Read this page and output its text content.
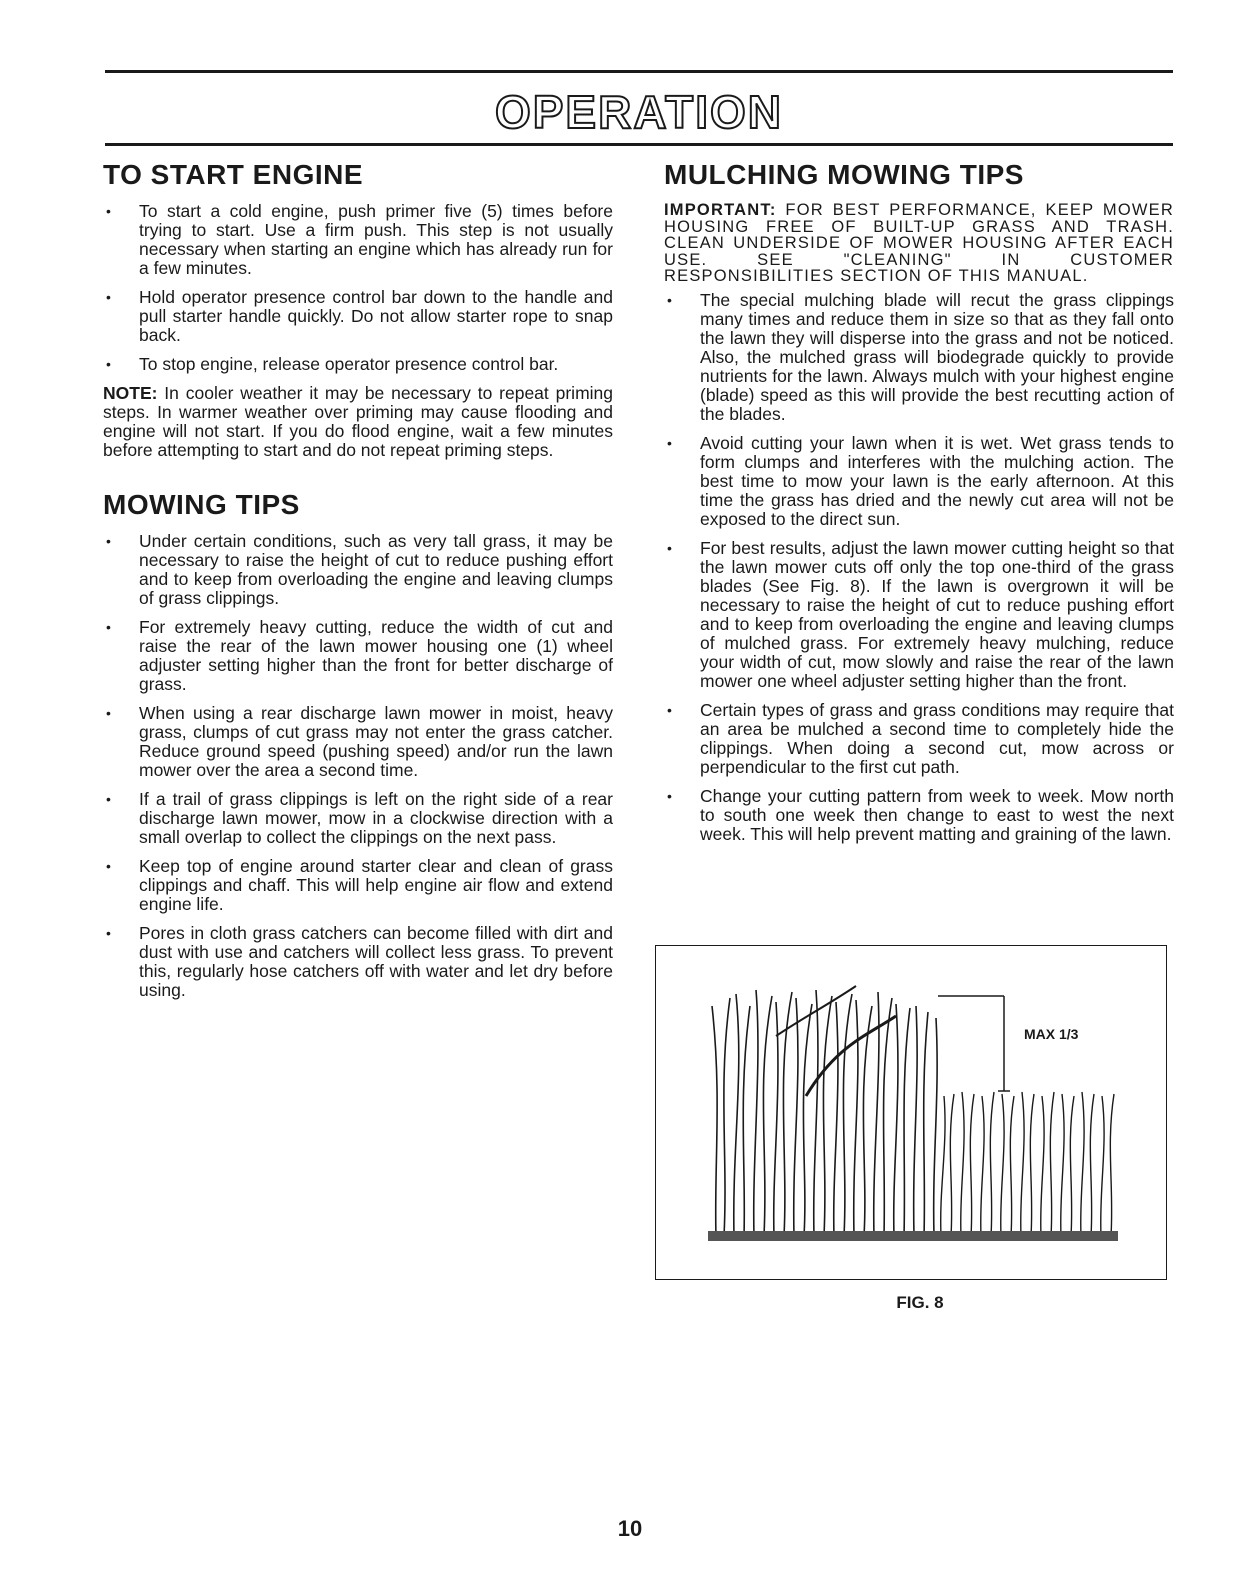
OPERATION
TO START ENGINE
• To start a cold engine, push primer five (5) times before trying to start. Use a firm push. This step is not usually necessary when starting an engine which has already run for a few minutes.
• Hold operator presence control bar down to the handle and pull starter handle quickly. Do not allow starter rope to snap back.
• To stop engine, release operator presence control bar.

NOTE: In cooler weather it may be necessary to repeat priming steps. In warmer weather over priming may cause flooding and engine will not start. If you do flood engine, wait a few minutes before attempting to start and do not repeat priming steps.

MOWING TIPS
• Under certain conditions, such as very tall grass, it may be necessary to raise the height of cut to reduce pushing effort and to keep from overloading the engine and leaving clumps of grass clippings.
• For extremely heavy cutting, reduce the width of cut and raise the rear of the lawn mower housing one (1) wheel adjuster setting higher than the front for better discharge of grass.
• When using a rear discharge lawn mower in moist, heavy grass, clumps of cut grass may not enter the grass catcher. Reduce ground speed (pushing speed) and/or run the lawn mower over the area a second time.
• If a trail of grass clippings is left on the right side of a rear discharge lawn mower, mow in a clockwise direction with a small overlap to collect the clippings on the next pass.
• Keep top of engine around starter clear and clean of grass clippings and chaff. This will help engine air flow and extend engine life.
• Pores in cloth grass catchers can become filled with dirt and dust with use and catchers will collect less grass. To prevent this, regularly hose catchers off with water and let dry before using.
MULCHING MOWING TIPS

IMPORTANT: FOR BEST PERFORMANCE, KEEP MOWER HOUSING FREE OF BUILT-UP GRASS AND TRASH. CLEAN UNDERSIDE OF MOWER HOUSING AFTER EACH USE. SEE "CLEANING" IN CUSTOMER RESPONSIBILITIES SECTION OF THIS MANUAL.

• The special mulching blade will recut the grass clippings many times and reduce them in size so that as they fall onto the lawn they will disperse into the grass and not be noticed. Also, the mulched grass will biodegrade quickly to provide nutrients for the lawn. Always mulch with your highest engine (blade) speed as this will provide the best recutting action of the blades.
• Avoid cutting your lawn when it is wet. Wet grass tends to form clumps and interferes with the mulching action. The best time to mow your lawn is the early afternoon. At this time the grass has dried and the newly cut area will not be exposed to the direct sun.
• For best results, adjust the lawn mower cutting height so that the lawn mower cuts off only the top one-third of the grass blades (See Fig. 8). If the lawn is overgrown it will be necessary to raise the height of cut to reduce pushing effort and to keep from overloading the engine and leaving clumps of mulched grass. For extremely heavy mulching, reduce your width of cut, mow slowly and raise the rear of the lawn mower one wheel adjuster setting higher than the front.
• Certain types of grass and grass conditions may require that an area be mulched a second time to completely hide the clippings. When doing a second cut, mow across or perpendicular to the first cut path.
• Change your cutting pattern from week to week. Mow north to south one week then change to east to west the next week. This will help prevent matting and graining of the lawn.
MAX 1/3
FIG. 8
10
